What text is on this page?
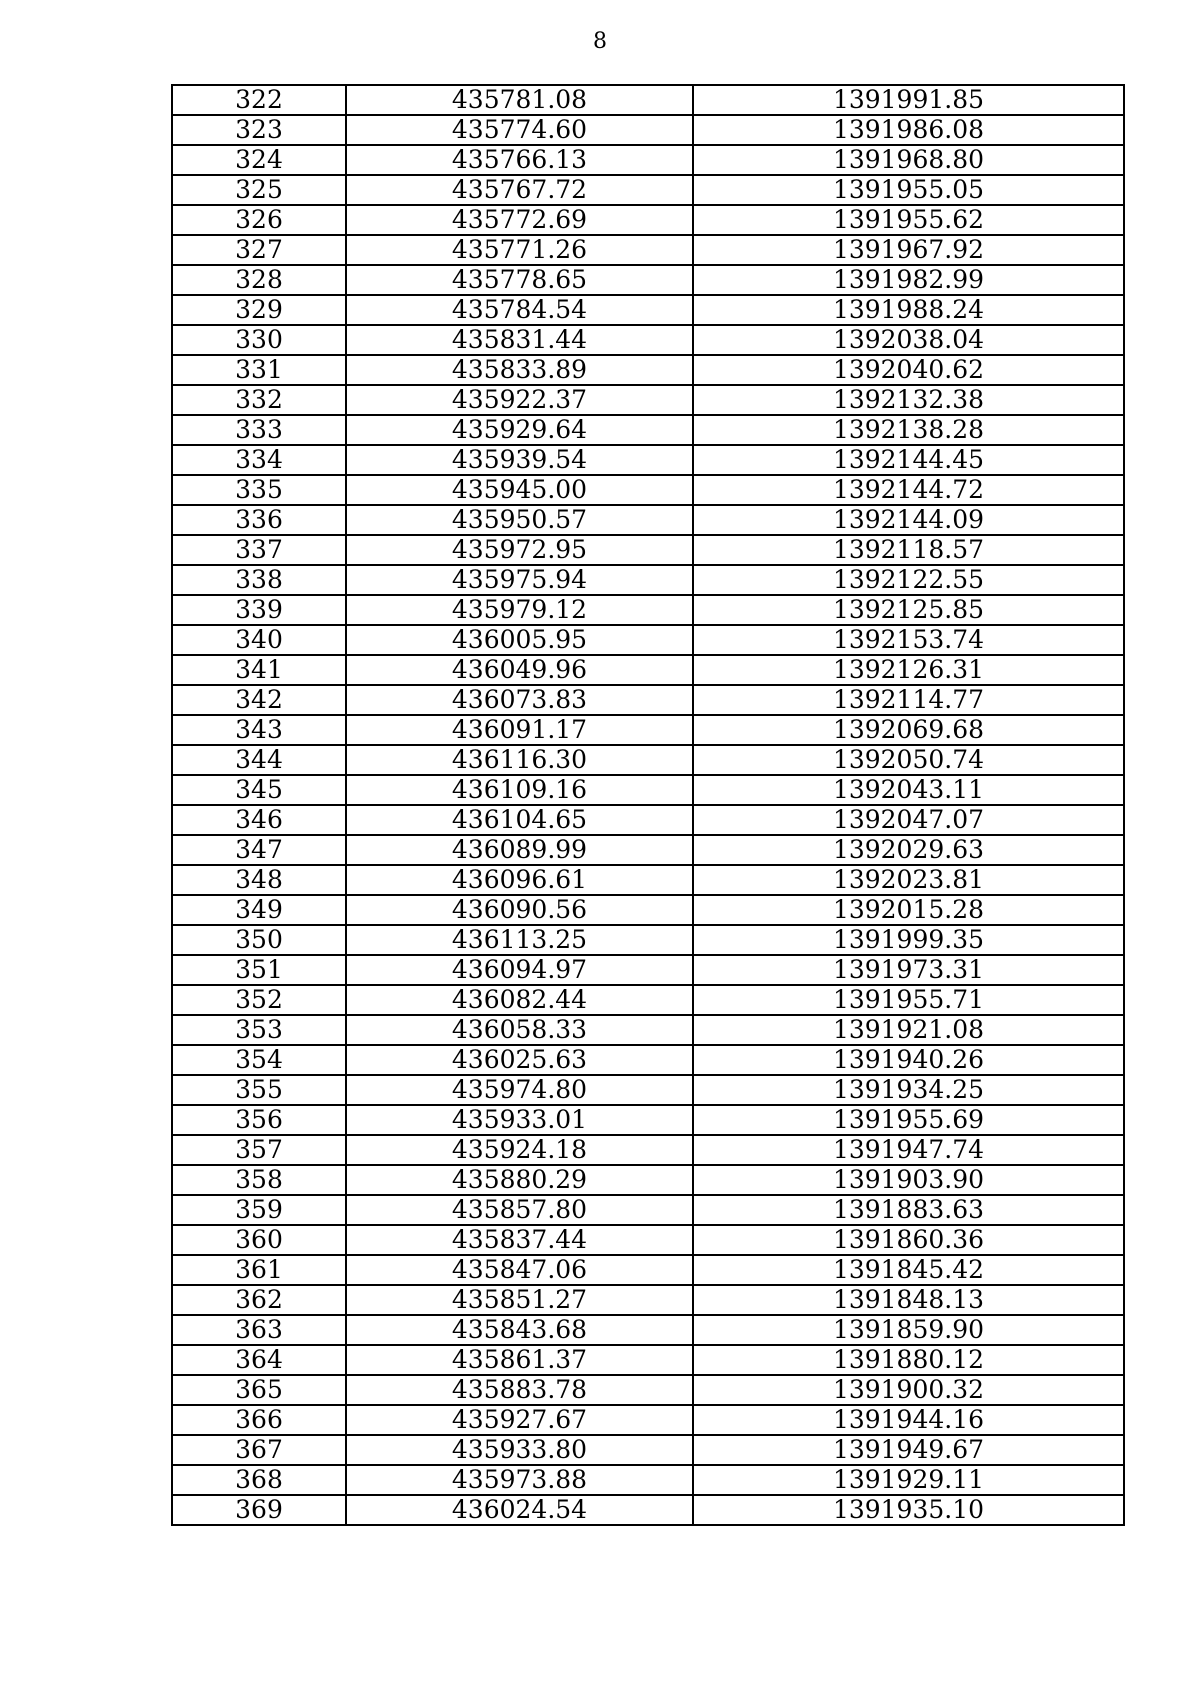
8
322	435781.08	1391991.85
323	435774.60	1391986.08
324	435766.13	1391968.80
325	435767.72	1391955.05
326	435772.69	1391955.62
327	435771.26	1391967.92
328	435778.65	1391982.99
329	435784.54	1391988.24
330	435831.44	1392038.04
331	435833.89	1392040.62
332	435922.37	1392132.38
333	435929.64	1392138.28
334	435939.54	1392144.45
335	435945.00	1392144.72
336	435950.57	1392144.09
337	435972.95	1392118.57
338	435975.94	1392122.55
339	435979.12	1392125.85
340	436005.95	1392153.74
341	436049.96	1392126.31
342	436073.83	1392114.77
343	436091.17	1392069.68
344	436116.30	1392050.74
345	436109.16	1392043.11
346	436104.65	1392047.07
347	436089.99	1392029.63
348	436096.61	1392023.81
349	436090.56	1392015.28
350	436113.25	1391999.35
351	436094.97	1391973.31
352	436082.44	1391955.71
353	436058.33	1391921.08
354	436025.63	1391940.26
355	435974.80	1391934.25
356	435933.01	1391955.69
357	435924.18	1391947.74
358	435880.29	1391903.90
359	435857.80	1391883.63
360	435837.44	1391860.36
361	435847.06	1391845.42
362	435851.27	1391848.13
363	435843.68	1391859.90
364	435861.37	1391880.12
365	435883.78	1391900.32
366	435927.67	1391944.16
367	435933.80	1391949.67
368	435973.88	1391929.11
369	436024.54	1391935.10
